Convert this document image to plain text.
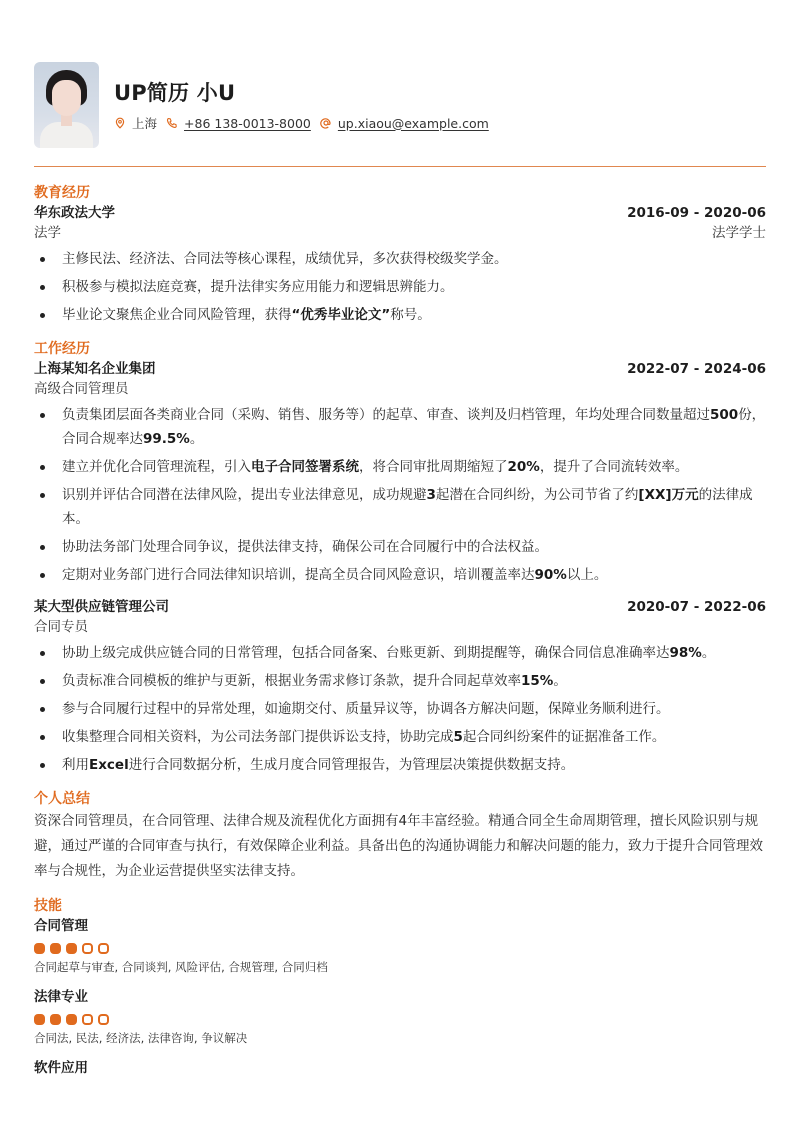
UP简历 小U
上海 +86 138-0013-8000 up.xiaou@example.com
教育经历
华东政法大学	2016-09 - 2020-06
法学	法学学士
主修民法、经济法、合同法等核心课程，成绩优异，多次获得校级奖学金。
积极参与模拟法庭竞赛，提升法律实务应用能力和逻辑思辨能力。
毕业论文聚焦企业合同风险管理，获得“优秀毕业论文”称号。
工作经历
上海某知名企业集团	2022-07 - 2024-06
高级合同管理员
负责集团层面各类商业合同（采购、销售、服务等）的起草、审查、谈判及归档管理，年均处理合同数量超过500份，合同合规率达99.5%。
建立并优化合同管理流程，引入电子合同签署系统，将合同审批周期缩短了20%，提升了合同流转效率。
识别并评估合同潜在法律风险，提出专业法律意见，成功规避3起潜在合同纠纷，为公司节省了约[XX]万元的法律成本。
协助法务部门处理合同争议，提供法律支持，确保公司在合同履行中的合法权益。
定期对业务部门进行合同法律知识培训，提高全员合同风险意识，培训覆盖率达90%以上。
某大型供应链管理公司	2020-07 - 2022-06
合同专员
协助上级完成供应链合同的日常管理，包括合同备案、台账更新、到期提醒等，确保合同信息准确率达98%。
负责标准合同模板的维护与更新，根据业务需求修订条款，提升合同起草效率15%。
参与合同履行过程中的异常处理，如逾期交付、质量异议等，协调各方解决问题，保障业务顺利进行。
收集整理合同相关资料，为公司法务部门提供诉讼支持，协助完成5起合同纠纷案件的证据准备工作。
利用Excel进行合同数据分析，生成月度合同管理报告，为管理层决策提供数据支持。
个人总结
资深合同管理员，在合同管理、法律合规及流程优化方面拥有4年丰富经验。精通合同全生命周期管理，擅长风险识别与规避，通过严谨的合同审查与执行，有效保障企业利益。具备出色的沟通协调能力和解决问题的能力，致力于提升合同管理效率与合规性，为企业运营提供坚实法律支持。
技能
合同管理
合同起草与审查, 合同谈判, 风险评估, 合规管理, 合同归档
法律专业
合同法, 民法, 经济法, 法律咨询, 争议解决
软件应用
